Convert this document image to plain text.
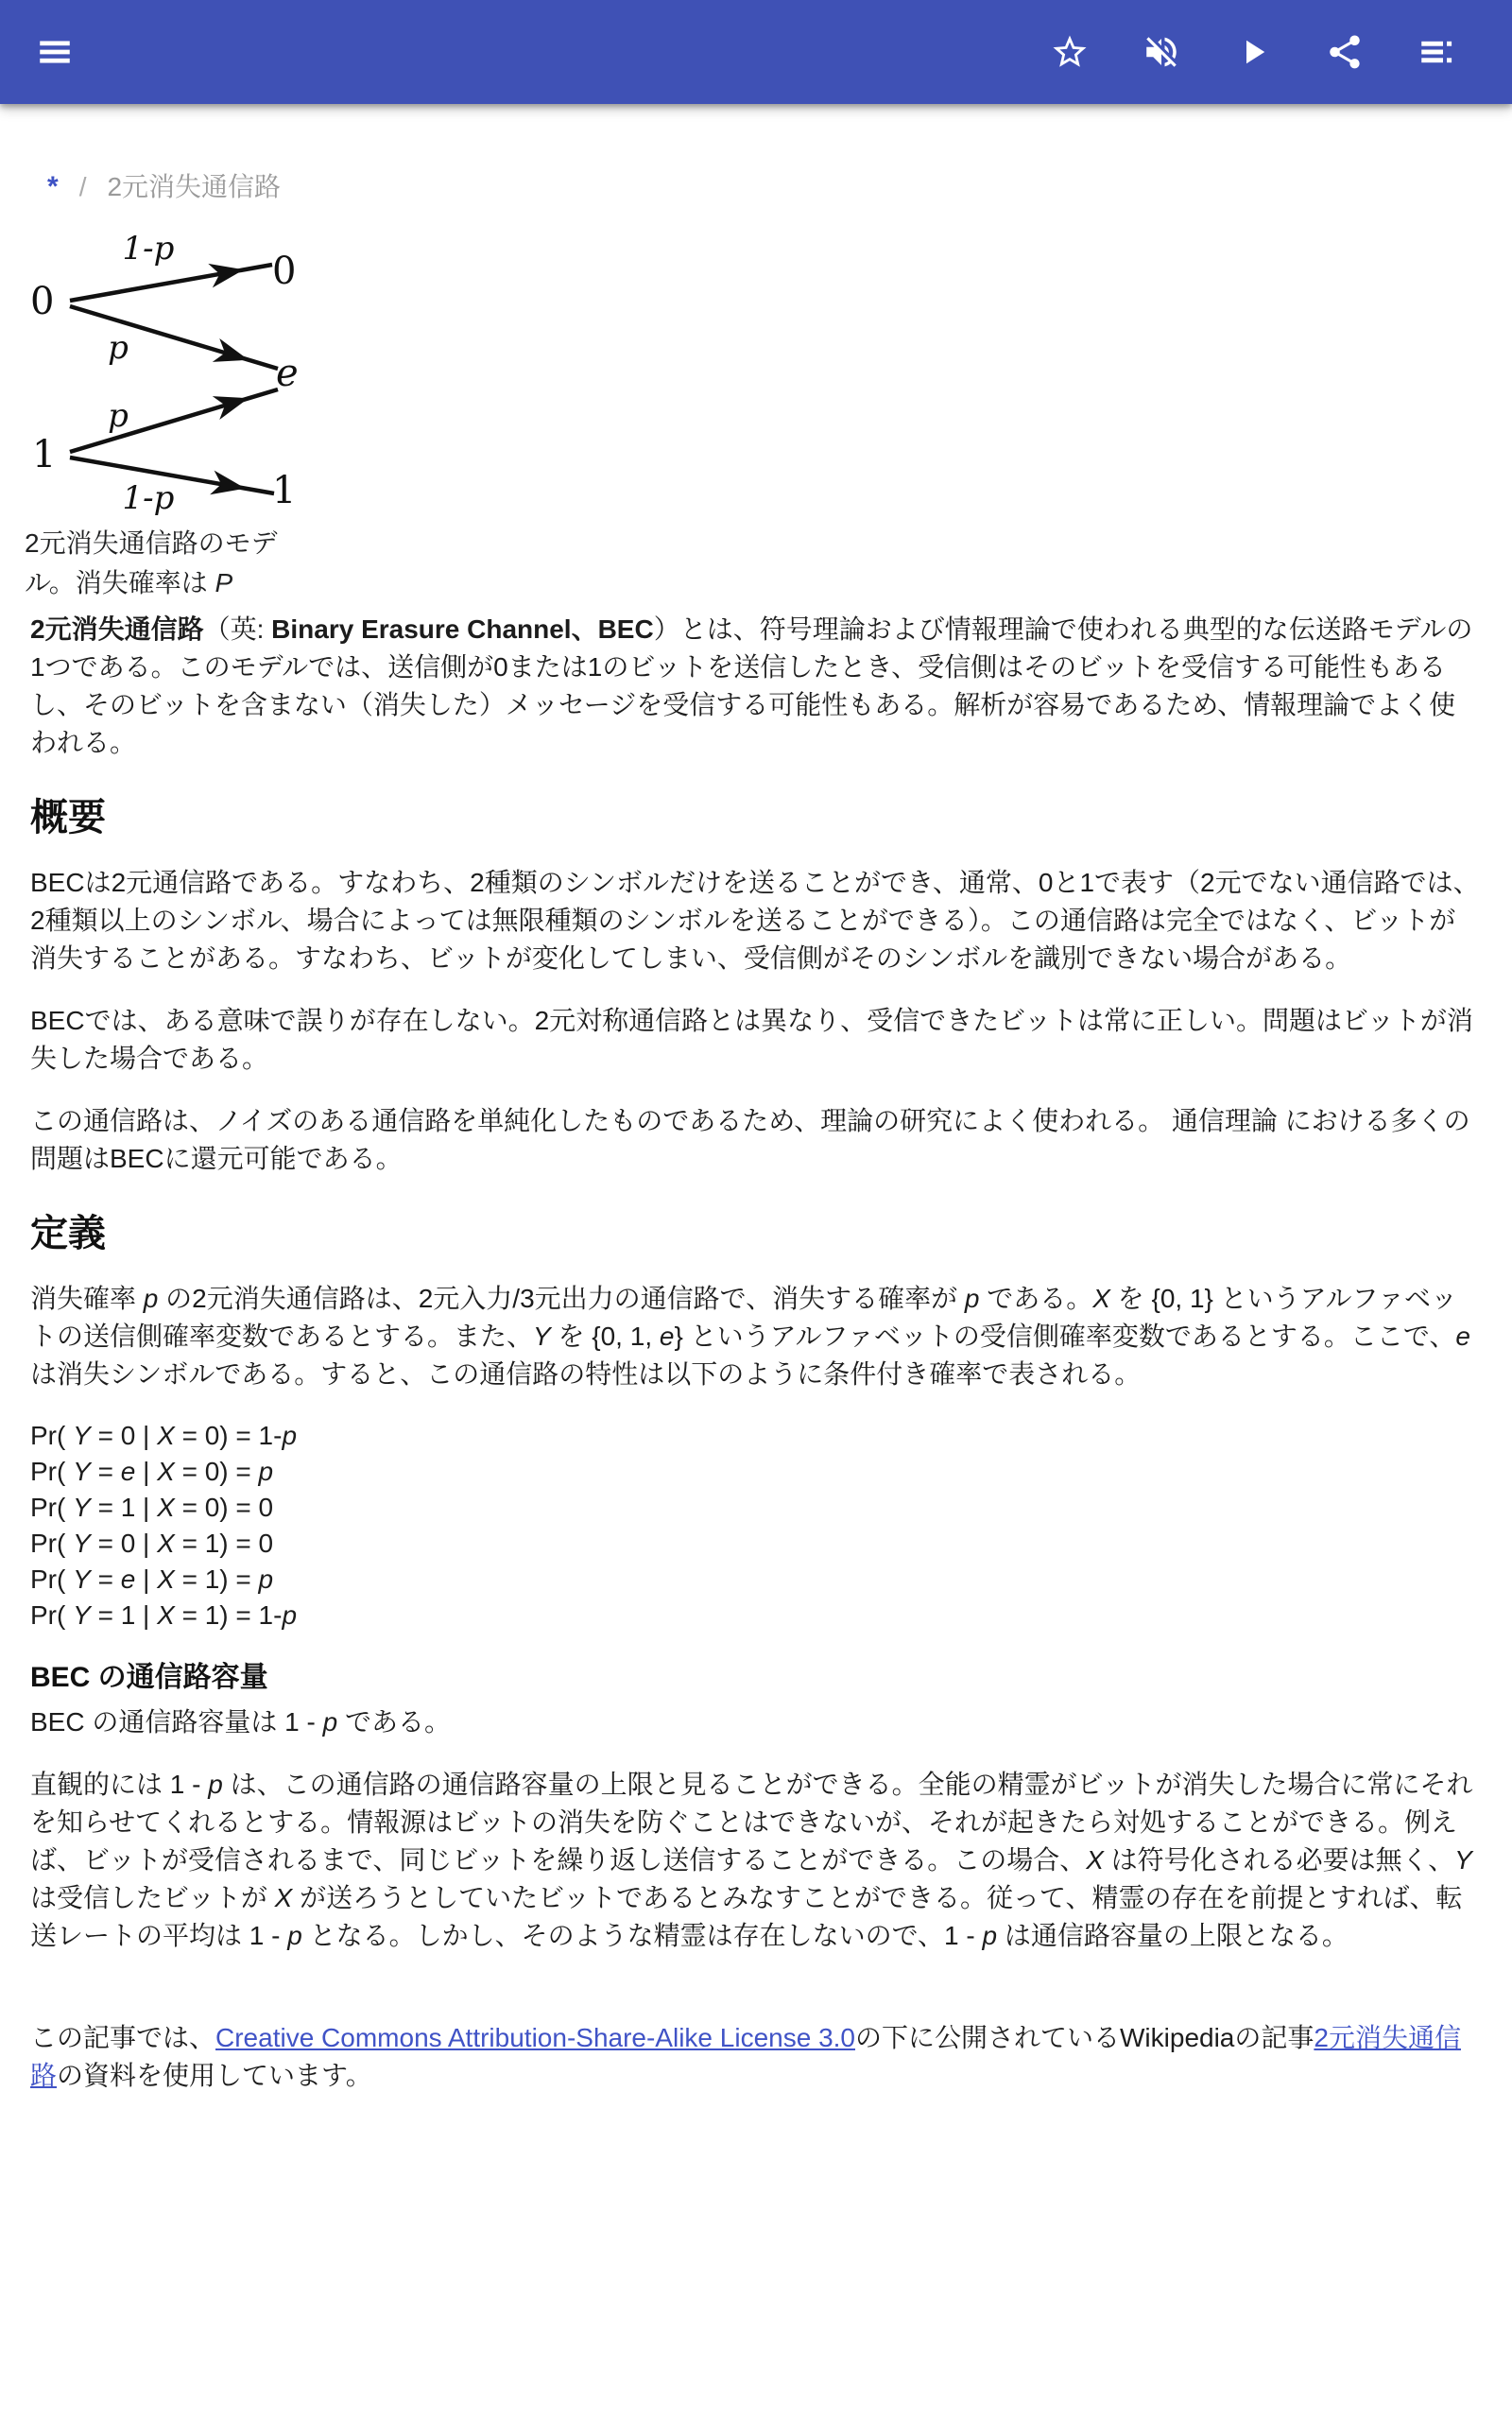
* / 2元消失通信路
0
1
0
e
1
1-p
p
p
1-p
2元消失通信路のモデル。消失確率は P

2元消失通信路（英: Binary Erasure Channel、BEC）とは、符号理論および情報理論で使われる典型的な伝送路モデルの1つである。このモデルでは、送信側が0または1のビットを送信したとき、受信側はそのビットを受信する可能性もあるし、そのビットを含まない（消失した）メッセージを受信する可能性もある。解析が容易であるため、情報理論でよく使われる。

概要

BECは2元通信路である。すなわち、2種類のシンボルだけを送ることができ、通常、0と1で表す（2元でない通信路では、2種類以上のシンボル、場合によっては無限種類のシンボルを送ることができる）。この通信路は完全ではなく、ビットが消失することがある。すなわち、ビットが変化してしまい、受信側がそのシンボルを識別できない場合がある。

BECでは、ある意味で誤りが存在しない。2元対称通信路とは異なり、受信できたビットは常に正しい。問題はビットが消失した場合である。

この通信路は、ノイズのある通信路を単純化したものであるため、理論の研究によく使われる。 通信理論 における多くの問題はBECに還元可能である。

定義

消失確率 p の2元消失通信路は、2元入力/3元出力の通信路で、消失する確率が p である。X を {0, 1} というアルファベットの送信側確率変数であるとする。また、Y を {0, 1, e} というアルファベットの受信側確率変数であるとする。ここで、e は消失シンボルである。すると、この通信路の特性は以下のように条件付き確率で表される。

Pr( Y = 0 | X = 0) = 1-p
Pr( Y = e | X = 0) = p
Pr( Y = 1 | X = 0) = 0
Pr( Y = 0 | X = 1) = 0
Pr( Y = e | X = 1) = p
Pr( Y = 1 | X = 1) = 1-p
BEC の通信路容量

BEC の通信路容量は 1 - p である。

直観的には 1 - p は、この通信路の通信路容量の上限と見ることができる。全能の精霊がビットが消失した場合に常にそれを知らせてくれるとする。情報源はビットの消失を防ぐことはできないが、それが起きたら対処することができる。例えば、ビットが受信されるまで、同じビットを繰り返し送信することができる。この場合、X は符号化される必要は無く、Y は受信したビットが X が送ろうとしていたビットであるとみなすことができる。従って、精霊の存在を前提とすれば、転送レートの平均は 1 - p となる。しかし、そのような精霊は存在しないので、1 - p は通信路容量の上限となる。

この記事では、Creative Commons Attribution-Share-Alike License 3.0の下に公開されているWikipediaの記事2元消失通信路の資料を使用しています。
